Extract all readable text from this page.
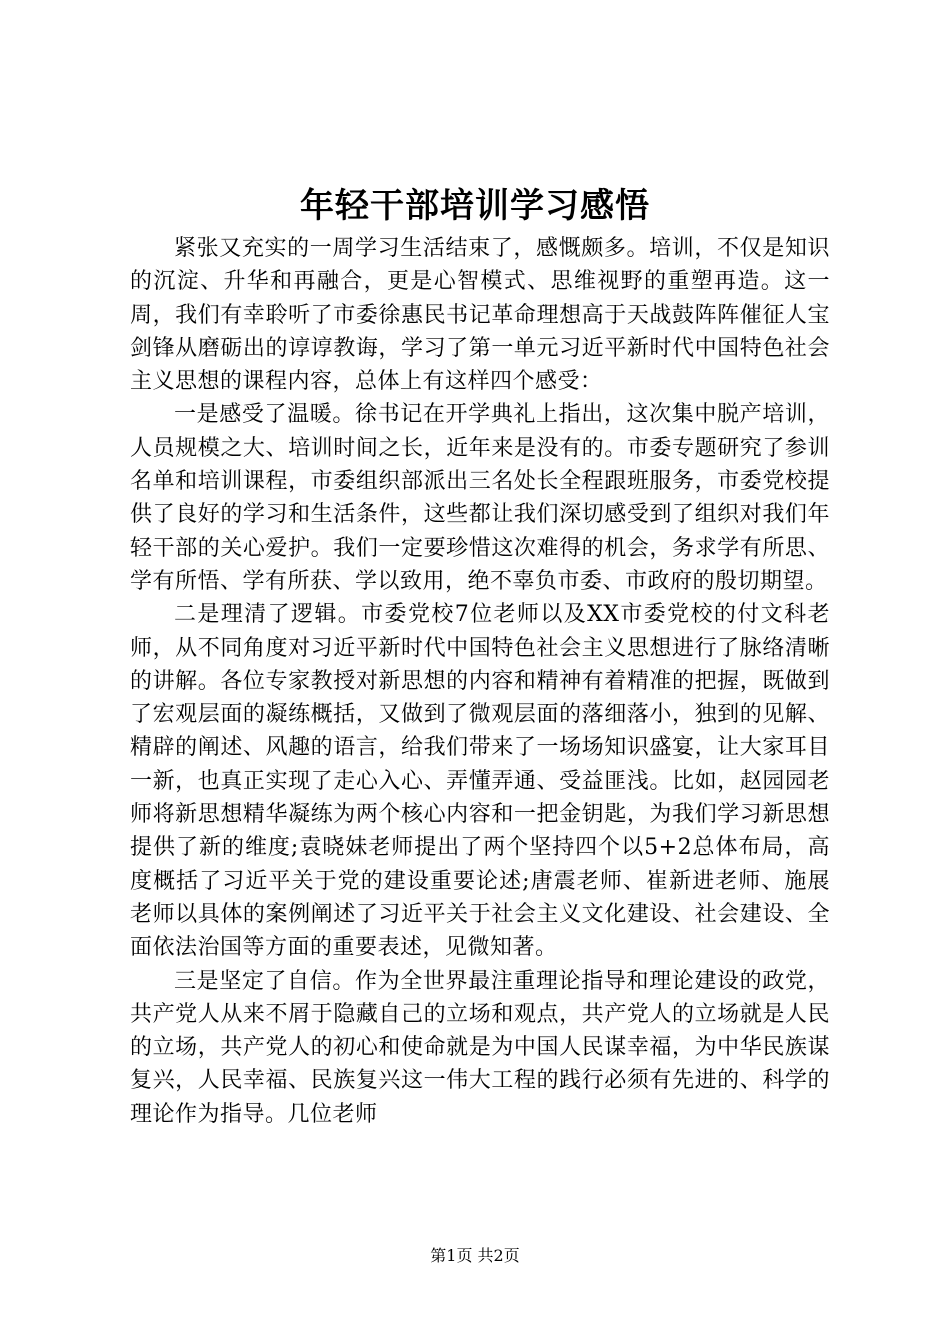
年轻干部培训学习感悟

紧张又充实的一周学习生活结束了，感慨颇多。培训，不仅是知识的沉淀、升华和再融合，更是心智模式、思维视野的重塑再造。这一周，我们有幸聆听了市委徐惠民书记革命理想高于天战鼓阵阵催征人宝剑锋从磨砺出的谆谆教诲，学习了第一单元习近平新时代中国特色社会主义思想的课程内容，总体上有这样四个感受：

一是感受了温暖。徐书记在开学典礼上指出，这次集中脱产培训，人员规模之大、培训时间之长，近年来是没有的。市委专题研究了参训名单和培训课程，市委组织部派出三名处长全程跟班服务，市委党校提供了良好的学习和生活条件，这些都让我们深切感受到了组织对我们年轻干部的关心爱护。我们一定要珍惜这次难得的机会，务求学有所思、学有所悟、学有所获、学以致用，绝不辜负市委、市政府的殷切期望。

二是理清了逻辑。市委党校7位老师以及XX市委党校的付文科老师，从不同角度对习近平新时代中国特色社会主义思想进行了脉络清晰的讲解。各位专家教授对新思想的内容和精神有着精准的把握，既做到了宏观层面的凝练概括，又做到了微观层面的落细落小，独到的见解、精辟的阐述、风趣的语言，给我们带来了一场场知识盛宴，让大家耳目一新，也真正实现了走心入心、弄懂弄通、受益匪浅。比如，赵园园老师将新思想精华凝练为两个核心内容和一把金钥匙，为我们学习新思想提供了新的维度;袁晓妹老师提出了两个坚持四个以5+2总体布局，高度概括了习近平关于党的建设重要论述;唐震老师、崔新进老师、施展老师以具体的案例阐述了习近平关于社会主义文化建设、社会建设、全面依法治国等方面的重要表述，见微知著。

三是坚定了自信。作为全世界最注重理论指导和理论建设的政党，共产党人从来不屑于隐藏自己的立场和观点，共产党人的立场就是人民的立场，共产党人的初心和使命就是为中国人民谋幸福，为中华民族谋复兴，人民幸福、民族复兴这一伟大工程的践行必须有先进的、科学的理论作为指导。几位老师

第1页 共2页
